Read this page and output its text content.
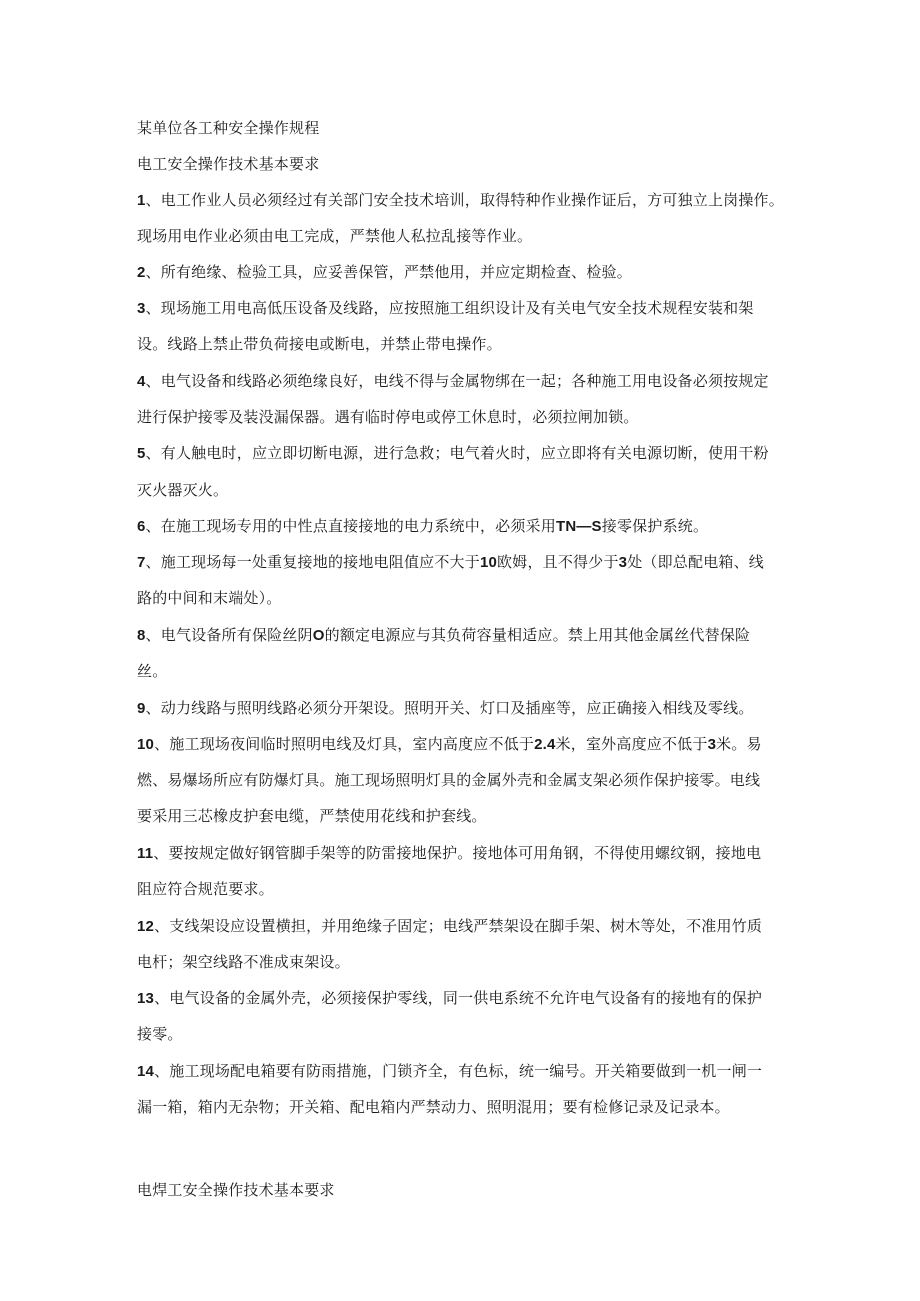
某单位各工种安全操作规程
电工安全操作技术基本要求
1、电工作业人员必须经过有关部门安全技术培训，取得特种作业操作证后，方可独立上岗操作。
现场用电作业必须由电工完成，严禁他人私拉乱接等作业。
2、所有绝缘、检验工具，应妥善保管，严禁他用，并应定期检查、检验。
3、现场施工用电高低压设备及线路，应按照施工组织设计及有关电气安全技术规程安装和架
设。线路上禁止带负荷接电或断电，并禁止带电操作。
4、电气设备和线路必须绝缘良好，电线不得与金属物绑在一起；各种施工用电设备必须按规定
进行保护接零及装没漏保器。遇有临时停电或停工休息时，必须拉闸加锁。
5、有人触电时，应立即切断电源，进行急救；电气着火时，应立即将有关电源切断，使用干粉
灭火器灭火。
6、在施工现场专用的中性点直接接地的电力系统中，必须采用TN—S接零保护系统。
7、施工现场每一处重复接地的接地电阻值应不大于10欧姆，且不得少于3处（即总配电箱、线
路的中间和末端处）。
8、电气设备所有保险丝阴O的额定电源应与其负荷容量相适应。禁上用其他金属丝代替保险
丝。
9、动力线路与照明线路必须分开架设。照明开关、灯口及插座等，应正确接入相线及零线。
10、施工现场夜间临时照明电线及灯具，室内高度应不低于2.4米，室外高度应不低于3米。易
燃、易爆场所应有防爆灯具。施工现场照明灯具的金属外壳和金属支架必须作保护接零。电线
要采用三芯橡皮护套电缆，严禁使用花线和护套线。
11、要按规定做好钢管脚手架等的防雷接地保护。接地体可用角钢，不得使用螺纹钢，接地电
阻应符合规范要求。
12、支线架设应设置横担，并用绝缘子固定；电线严禁架设在脚手架、树木等处，不准用竹质
电杆；架空线路不准成束架设。
13、电气设备的金属外壳，必须接保护零线，同一供电系统不允许电气设备有的接地有的保护
接零。
14、施工现场配电箱要有防雨措施，门锁齐全，有色标，统一编号。开关箱要做到一机一闸一
漏一箱，箱内无杂物；开关箱、配电箱内严禁动力、照明混用；要有检修记录及记录本。
电焊工安全操作技术基本要求
